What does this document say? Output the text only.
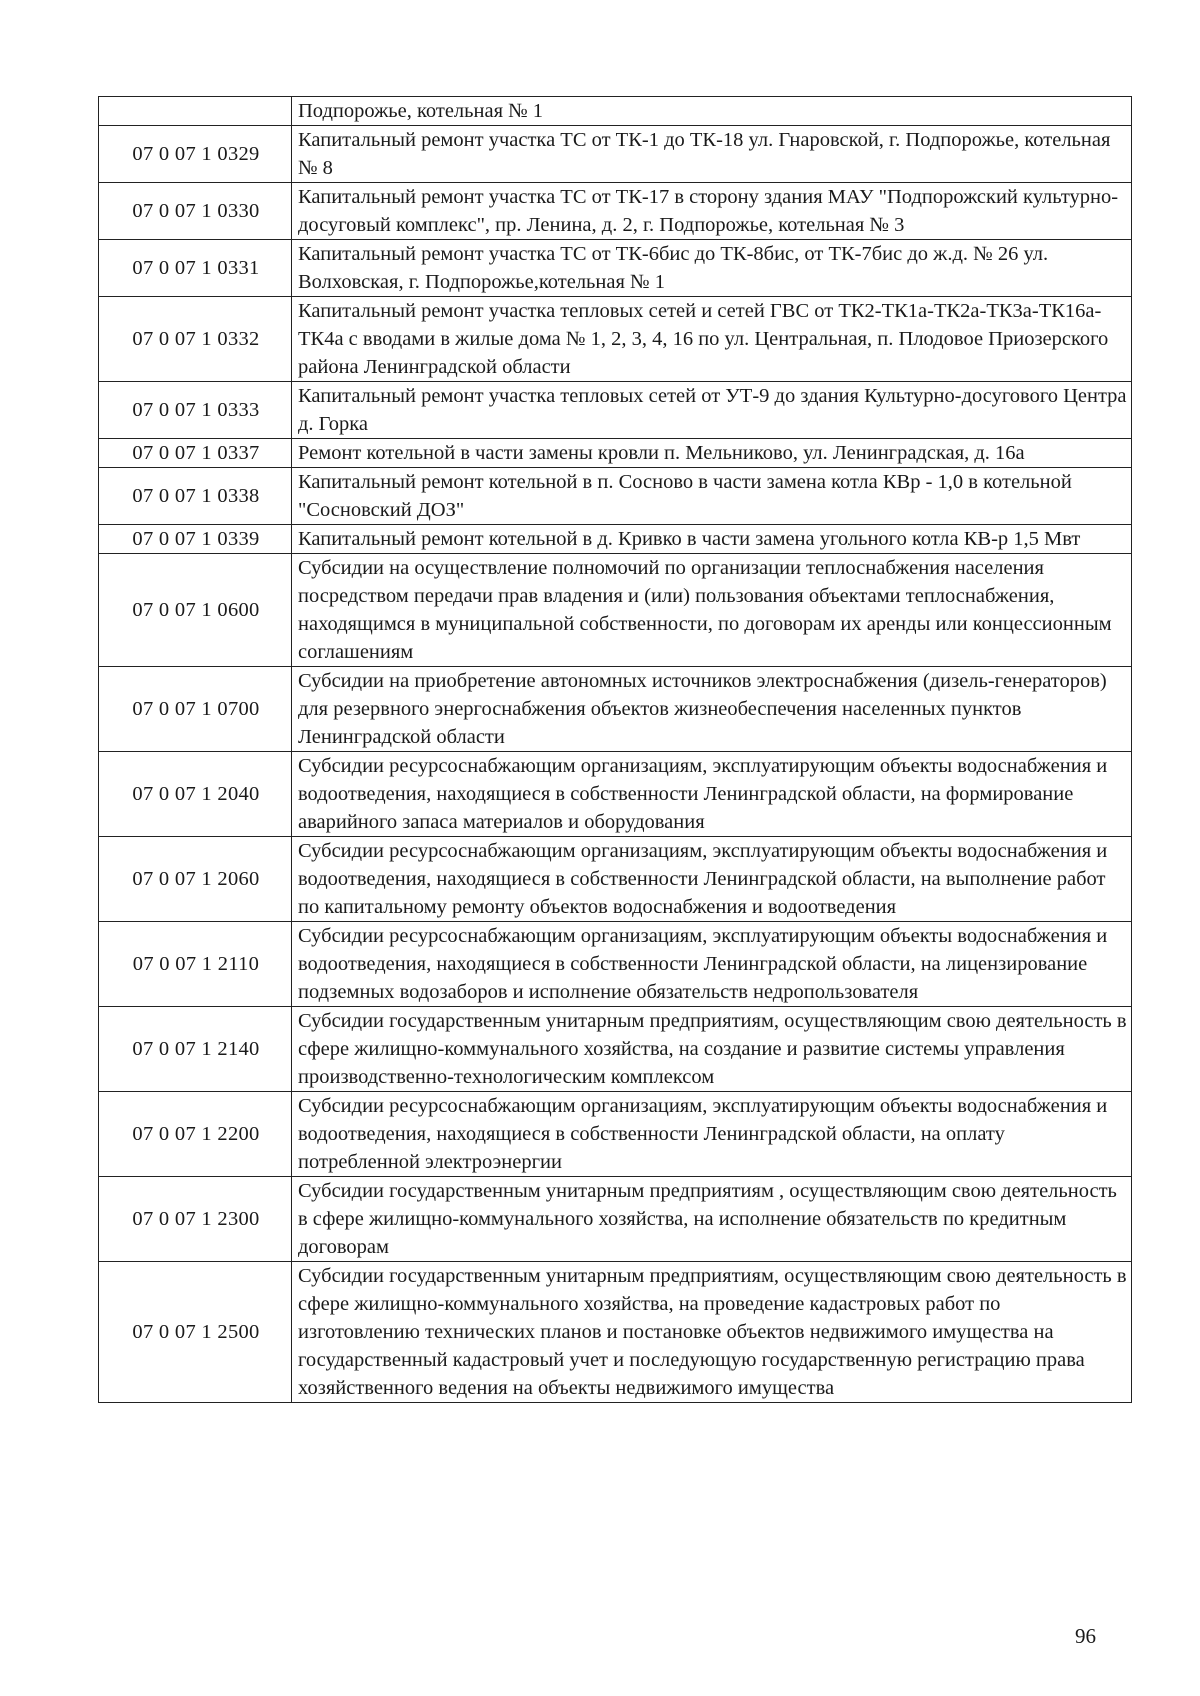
	Подпорожье, котельная № 1
07 0 07 1 0329	Капитальный ремонт участка ТС от ТК-1 до ТК-18 ул. Гнаровской, г. Подпорожье, котельная № 8
07 0 07 1 0330	Капитальный ремонт участка ТС от ТК-17 в сторону здания МАУ "Подпорожский культурно-досуговый комплекс", пр. Ленина, д. 2, г. Подпорожье, котельная № 3
07 0 07 1 0331	Капитальный ремонт участка ТС от ТК-6бис до ТК-8бис, от ТК-7бис до ж.д. № 26 ул. Волховская, г. Подпорожье,котельная № 1
07 0 07 1 0332	Капитальный ремонт участка тепловых сетей и сетей ГВС от ТК2-ТК1а-ТК2а-ТК3а-ТК16а-ТК4а с вводами в жилые дома № 1, 2, 3, 4, 16 по ул. Центральная, п. Плодовое Приозерского района Ленинградской области
07 0 07 1 0333	Капитальный ремонт участка тепловых сетей от УТ-9 до здания Культурно-досугового Центра д. Горка
07 0 07 1 0337	Ремонт котельной в части замены кровли п. Мельниково, ул. Ленинградская, д. 16а
07 0 07 1 0338	Капитальный ремонт котельной в п. Сосново в части замена котла КВр - 1,0 в котельной "Сосновский ДОЗ"
07 0 07 1 0339	Капитальный ремонт котельной в д. Кривко в части замена угольного котла КВ-р 1,5 Мвт
07 0 07 1 0600	Субсидии на осуществление полномочий по организации теплоснабжения населения посредством передачи прав владения и (или) пользования объектами теплоснабжения, находящимся в муниципальной собственности, по договорам их аренды или концессионным соглашениям
07 0 07 1 0700	Субсидии на приобретение автономных источников электроснабжения (дизель-генераторов) для резервного энергоснабжения объектов жизнеобеспечения населенных пунктов Ленинградской области
07 0 07 1 2040	Субсидии ресурсоснабжающим организациям, эксплуатирующим объекты водоснабжения и водоотведения, находящиеся в собственности Ленинградской области, на формирование аварийного запаса материалов и оборудования
07 0 07 1 2060	Субсидии ресурсоснабжающим организациям, эксплуатирующим объекты водоснабжения и водоотведения, находящиеся в собственности Ленинградской области, на выполнение работ по капитальному ремонту объектов водоснабжения и водоотведения
07 0 07 1 2110	Субсидии ресурсоснабжающим организациям, эксплуатирующим объекты водоснабжения и водоотведения, находящиеся в собственности Ленинградской области, на лицензирование подземных водозаборов и исполнение обязательств недропользователя
07 0 07 1 2140	Субсидии государственным унитарным предприятиям, осуществляющим свою деятельность в сфере жилищно-коммунального хозяйства, на создание и развитие системы управления производственно-технологическим комплексом
07 0 07 1 2200	Субсидии ресурсоснабжающим организациям, эксплуатирующим объекты водоснабжения и водоотведения, находящиеся в собственности Ленинградской области, на оплату потребленной электроэнергии
07 0 07 1 2300	Субсидии государственным унитарным предприятиям , осуществляющим свою деятельность в сфере жилищно-коммунального хозяйства, на исполнение обязательств по кредитным договорам
07 0 07 1 2500	Субсидии государственным унитарным предприятиям, осуществляющим свою деятельность в сфере жилищно-коммунального хозяйства, на проведение кадастровых работ по изготовлению технических планов и постановке объектов недвижимого имущества на государственный кадастровый учет и последующую государственную регистрацию права хозяйственного ведения на объекты недвижимого имущества
96
